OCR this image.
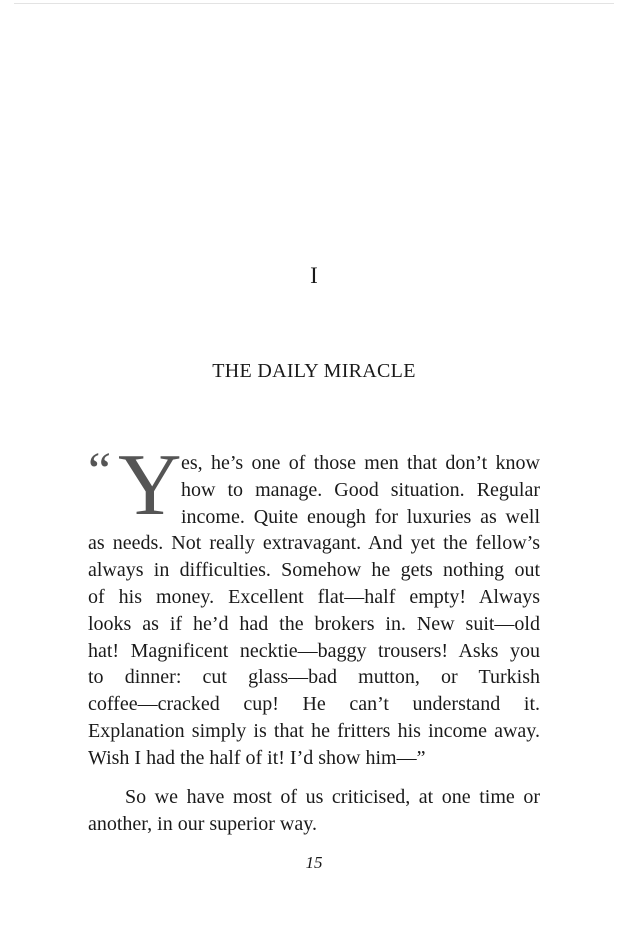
I
THE DAILY MIRACLE
“ Y es, he’s one of those men that don’t know
how to manage. Good situation. Regular
income. Quite enough for luxuries as well
as needs. Not really extravagant. And yet the fellow’s
always in difficulties. Somehow he gets nothing out
of his money. Excellent flat—half empty! Always
looks as if he’d had the brokers in. New suit—old
hat! Magnificent necktie—baggy trousers! Asks you
to dinner: cut glass—bad mutton, or Turkish
coffee—cracked cup! He can’t understand it.
Explanation simply is that he fritters his income away.
Wish I had the half of it! I’d show him—”
So we have most of us criticised, at one time or
another, in our superior way.
15
